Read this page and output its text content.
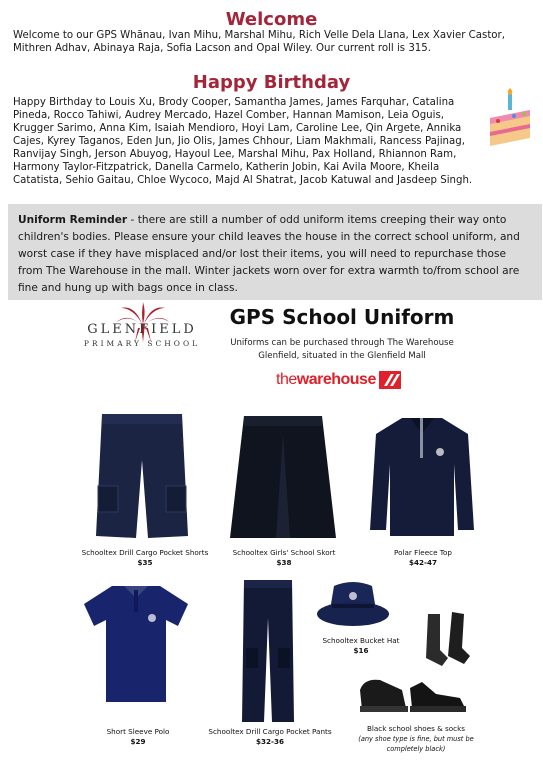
Welcome
Welcome to our GPS Whānau, Ivan Mihu, Marshal Mihu, Rich Velle Dela Llana, Lex Xavier Castor, Mithren Adhav, Abinaya Raja, Sofia Lacson and Opal Wiley. Our current roll is 315.
Happy Birthday
Happy Birthday to Louis Xu, Brody Cooper, Samantha James, James Farquhar, Catalina Pineda, Rocco Tahiwi, Audrey Mercado, Hazel Comber, Hannan Mamison, Leia Oguis, Krugger Sarimo, Anna Kim, Isaiah Mendioro, Hoyi Lam, Caroline Lee, Qin Argete, Annika Cajes, Kyrey Taganos, Eden Jun, Jio Olis, James Chhour, Liam Makhmali, Rancess Pajinag, Ranvijay Singh, Jerson Abuyog, Hayoul Lee, Marshal Mihu, Pax Holland, Rhiannon Ram, Harmony Taylor-Fitzpatrick, Danella Carmelo, Katherin Jobin, Kai Avila Moore, Kheila Catatista, Sehio Gaitau, Chloe Wycoco, Majd Al Shatrat, Jacob Katuwal and Jasdeep Singh.
Uniform Reminder - there are still a number of odd uniform items creeping their way onto children's bodies. Please ensure your child leaves the house in the correct school uniform, and worst case if they have misplaced and/or lost their items, you will need to repurchase those from The Warehouse in the mall. Winter jackets worn over for extra warmth to/from school are fine and hung up with bags once in class.
GLENFIELD
PRIMARY SCHOOL
GPS School Uniform
Uniforms can be purchased through The Warehouse Glenfield, situated in the Glenfield Mall
thewarehouse
Schooltex Drill Cargo Pocket Shorts
$35
Schooltex Girls' School Skort
$38
Polar Fleece Top
$42-47
Short Sleeve Polo
$29
Schooltex Drill Cargo Pocket Pants
$32-36
Schooltex Bucket Hat
$16
Black school shoes & socks
(any shoe type is fine, but must be completely black)
